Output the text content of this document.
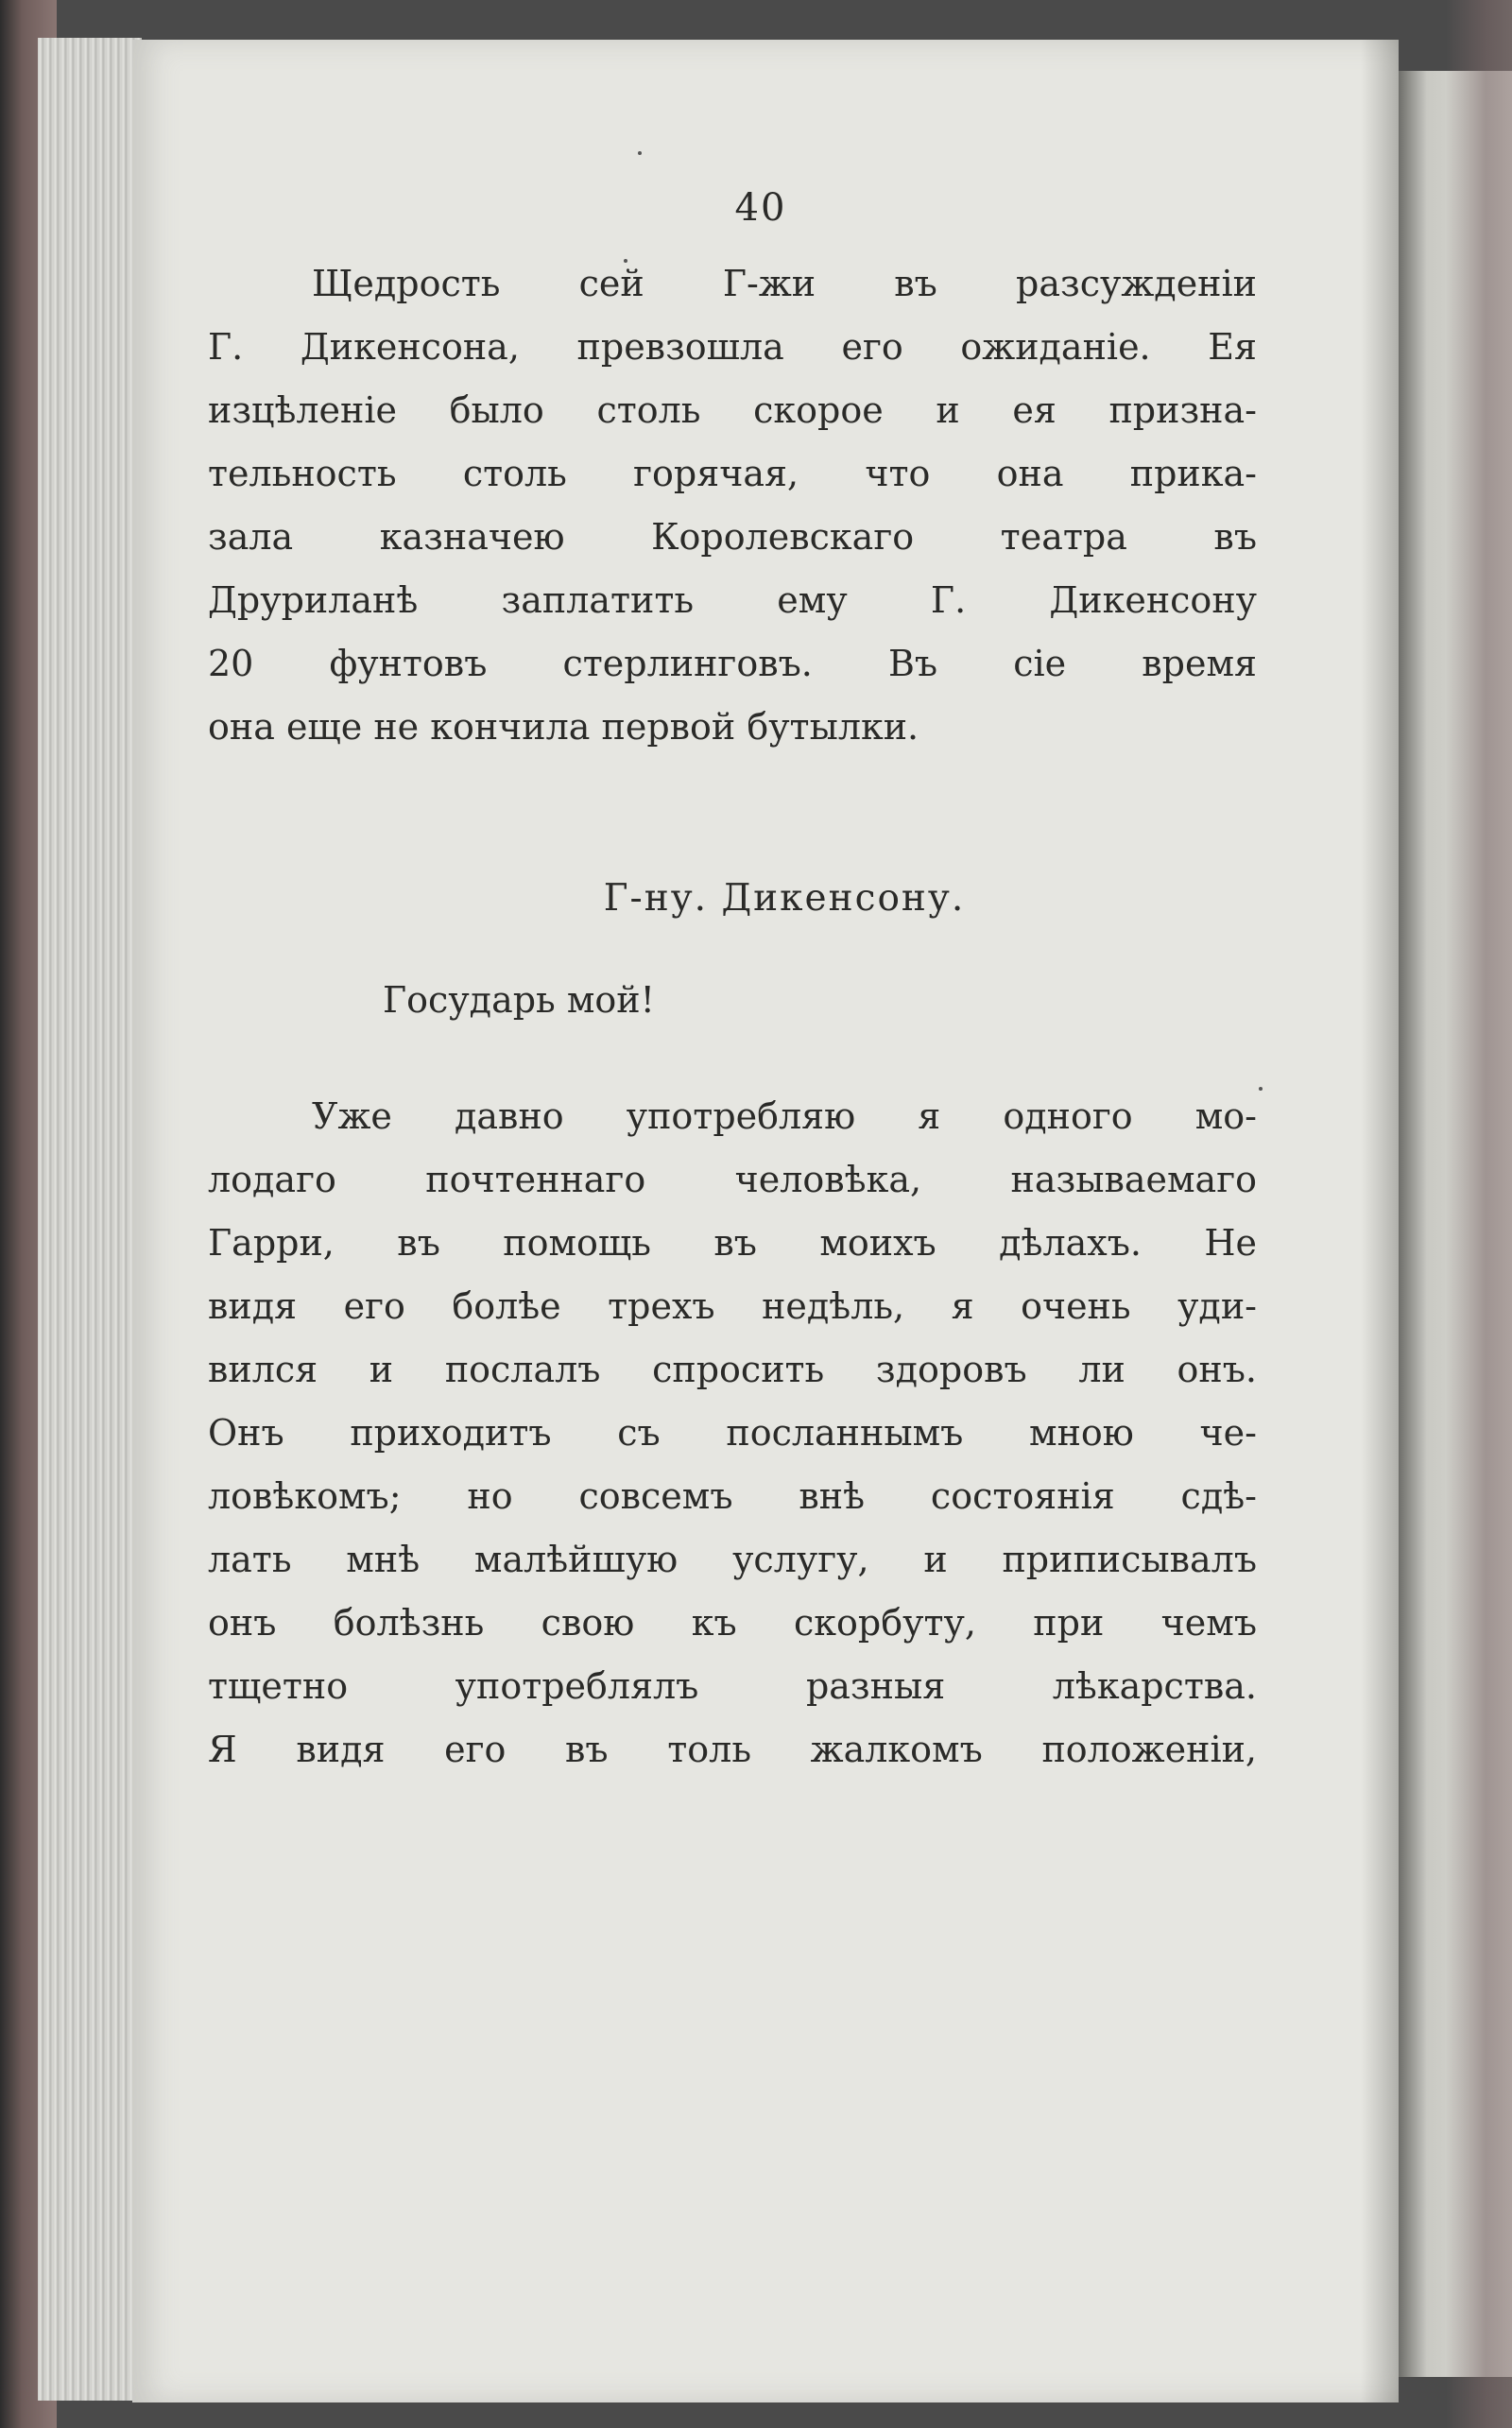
40

Щедрость сей Г-жи въ разсужденiи

Г. Дикенсона, превзошла его ожиданiе. Ея

изцѣленiе было столь скорое и ея призна-

тельность столь горячая, что она прика-

зала казначею Королевскаго театра въ

Друриланѣ заплатить ему Г. Дикенсону

20 фунтовъ стерлинговъ. Въ сiе время

она еще не кончила первой бутылки.

Г-ну. Дикенсону.
Государь мой!

Уже давно употребляю я одного мо-

лодаго почтеннаго человѣка, называемаго

Гарри, въ помощь въ моихъ дѣлахъ. Не

видя его болѣе трехъ недѣль, я очень уди-

вился и послалъ спросить здоровъ ли онъ.

Онъ приходитъ съ посланнымъ мною че-

ловѣкомъ; но совсемъ внѣ состоянiя сдѣ-

лать мнѣ малѣйшую услугу, и приписывалъ

онъ болѣзнь свою къ скорбуту, при чемъ

тщетно употреблялъ разныя лѣкарства.

Я видя его въ толь жалкомъ положенiи,
